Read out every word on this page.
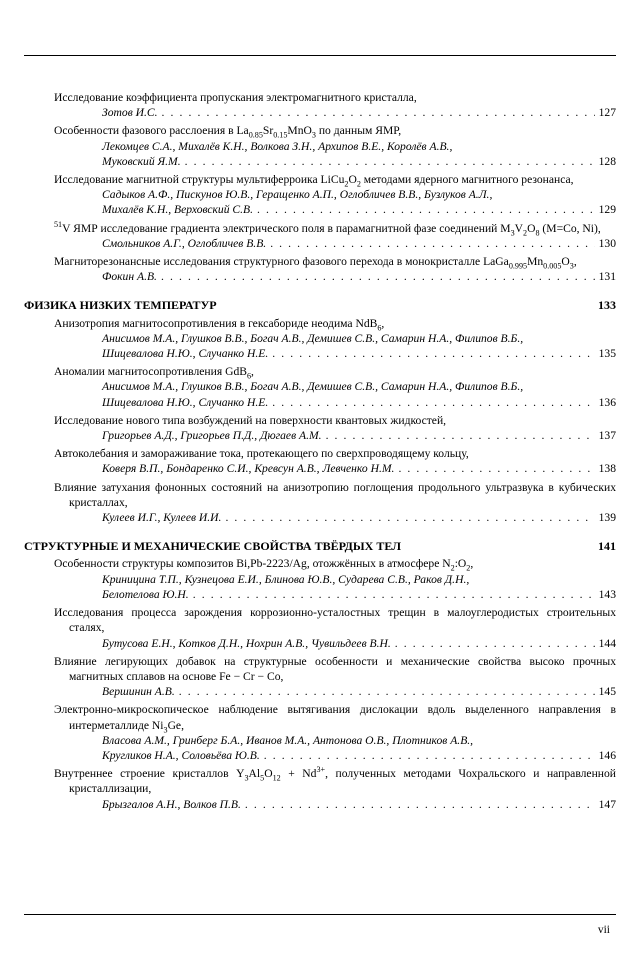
Исследование коэффициента пропускания электромагнитного кристалла,
Зотов И.С. . . .	127
Особенности фазового расслоения в $La_{0.85}Sr_{0.15}MnO_3$ по данным ЯМР,
Лекомцев С.А., Михалёв К.Н., Волкова З.Н., Архипов В.Е., Королёв А.В.,
Муковский Я.М. . . .	128
Исследование магнитной структуры мультиферроика $LiCu_2O_2$ методами ядерного магнитного резонанса,
Садыков А.Ф., Пискунов Ю.В., Геращенко А.П., Оглобличев В.В., Бузлуков А.Л.,
Михалёв К.Н., Верховский С.В. . . .	129
$^{51}$V ЯМР исследование градиента электрического поля в парамагнитной фазе соединений $M_3V_2O_8$ (M=Co, Ni),
Смольников А.Г., Оглобличев В.В. . . .	130
Магниторезонансные исследования структурного фазового перехода в монокристалле $LaGa_{0.995}Mn_{0.005}O_3$,
Фокин А.В. . . .	131
ФИЗИКА НИЗКИХ ТЕМПЕРАТУР	133
Анизотропия магнитосопротивления в гексабориде неодима NdB$_6$,
Анисимов М.А., Глушков В.В., Богач А.В., Демишев С.В., Самарин Н.А., Филипов В.Б.,
Шицевалова Н.Ю., Случанко Н.Е. . . .	135
Аномалии магнитосопротивления GdB$_6$,
Анисимов М.А., Глушков В.В., Богач А.В., Демишев С.В., Самарин Н.А., Филипов В.Б.,
Шицевалова Н.Ю., Случанко Н.Е. . . .	136
Исследование нового типа возбуждений на поверхности квантовых жидкостей,
Григорьев А.Д., Григорьев П.Д., Дюгаев А.М. . . .	137
Автоколебания и замораживание тока, протекающего по сверхпроводящему кольцу,
Коверя В.П., Бондаренко С.И., Кревсун А.В., Левченко Н.М. . . .	138
Влияние затухания фононных состояний на анизотропию поглощения продольного ультразвука в кубических кристаллах,
Кулеев И.Г., Кулеев И.И. . . .	139
СТРУКТУРНЫЕ И МЕХАНИЧЕСКИЕ СВОЙСТВА ТВЁРДЫХ ТЕЛ	141
Особенности структуры композитов Bi,Pb-2223/Ag, отожжённых в атмосфере $N_2:O_2$,
Криницина Т.П., Кузнецова Е.И., Блинова Ю.В., Сударева С.В., Раков Д.Н.,
Белотелова Ю.Н. . . .	143
Исследования процесса зарождения коррозионно-усталостных трещин в малоуглеродистых строительных сталях,
Бутусова Е.Н., Котков Д.Н., Нохрин А.В., Чувильдеев В.Н. . . .	144
Влияние легирующих добавок на структурные особенности и механические свойства высоко прочных магнитных сплавов на основе Fe − Cr − Co,
Вершинин А.В. . . .	145
Электронно-микроскопическое наблюдение вытягивания дислокации вдоль выделенного направления в интерметаллиде $Ni_3Ge$,
Власова А.М., Гринберг Б.А., Иванов М.А., Антонова О.В., Плотников А.В.,
Кругликов Н.А., Соловьёва Ю.В. . . .	146
Внутреннее строение кристаллов $Y_3Al_5O_{12} + Nd^{3+}$, полученных методами Чохральского и направленной кристаллизации,
Брызгалов А.Н., Волков П.В. . . .	147
vii
